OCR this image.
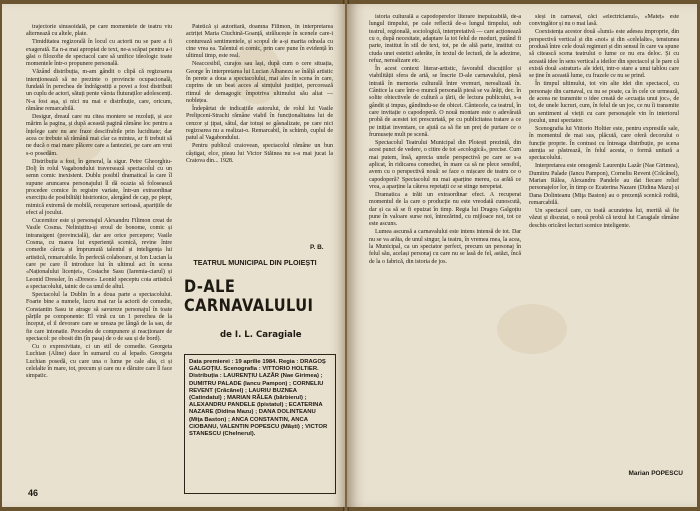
trajectorie sinusoidală, pe care momentele de teatru viu alternează cu altele, plate.

Timiditatea regizorală în locul cu actorii nu se pare a fi exagerată. Ea n-a mai apropiat de text, ne-a scăpat pentru a-i găsi o filozofie de spectacol care să unifice ideologic toate momentele într-o propunere personală.

Văzând distribuția, m-am gândit o clipă că regizoarea intenționează să ne prezinte o provincie ocupacională, fundată în perechea de îndrăgostiți a povei a fost distribuit un cuplu de actori, sătuți pente vârsta fluturaților adolescenți. N-a fost așa, și nici nu mai e distribuție, care, oricum, rămâne remarcabilă.

Desigur, dreaul care nu citea montere se rezoluți, și ace mărim la pagina, și după această pagină rămâne loc pentru a înțelege care nu are fraze descifrabile prin luciditate; dar acea ce trebuie să rămână mai clar ca mintea, ar fi trebuit să ne ducă o mai mare plăcere care a fanteziei, pe care am vrut s-o posedăm.

Distribuția a fost, în general, la sigur. Petre Gheorghiu-Dolj în rolul Vagabondului traversează spectacolul cu un semn comic inexistent. Dublu posibil dramatical la care îl supune aruncarea personajului îl dă ocazia să folosească procedee comice în registre variate, într-un extraordinar exercițiu de posibilități histrionice, alergând de cap, pe piept, mimică extremă de mobilă, recuperare serioasă, aparițiile de efect al jocului.

Cucernitor este și personajul Alexandru Filimon creat de Vasile Cosma. Neliniștitu-și eroul de bonome, comic și intransigent (provincială), dar are orice percepere; Vasile Cosma, cu marea lui experiență scenică, revine între comedie cârcia și împrumută talentul și inteligența lui artistică, remarcabile. În perfectă colaborare, și Ion Lucian la care pe care îl introduce lui în ultimul act în scena «Naționalului licenței», Costache Sasu (Iaremia-ciarul) și Leonid Dressler, în «Dresor» Leonid speceptu cota artistică a spectacolului, tainic de ca unul de altul.

Spectacolul la Dublin în a doua parte a spectacolului. Foarte bine a numele, lucru mai rar la actorii de comedie, Constantin Sasu te atrage să savureze personajul în toate părțile pe componente: El vină cu un 1 perechea de la început, el il devorare care se ureaza pe lângă de la sau, de fie care intonatie. Procedeu de compunere și reacționare de spectacol: pe obosit din (în pasa) de o de sau și de bord).

Cu o expresivitate, ci un stil de comedie. Georgeta Luchian (Aline) dace în sumarul cu al lepado. Georgeta Luchian posedă, cu care una o lume pe cale alta, ci și celelalte în mare, tot, precum și care nu e dăruire care îl face simpatic.

Patetică și autoritară, doamna Filimon, în interpretarea actriței Maria Ciuchină-Goanță, strălucește în scenele care-i conturează sentimentele, și scopul de a-și marita odrasla cu cine vrea ea. Talentul ei comic, prin care pune în evidență în ultimul timp, este real.

Neaccesibil, curajos sau lași, după cum o cere situația, George în interpretarea lui Lucian Albanezu se înălță artistic în perete a doua a spectacolului, mai ales în scena în care, cuprins de un beat acces al simțului justiției, percorează ritmul de demagogic împotriva ultimului său aliat — noblețea.

Îndepărtat de indicațiile autorului, de rolul lui Vasile Prelipceni-Strachi rămâne viabil în funcționalitatea lui de cenzor și țipat, sătul, dar totuși se gâsnalizate, pe care nici regizoarea nu a realizat-o. Remarcabil, în schimb, cuplul de patul al Vagabondului.

Pentru publicul craiovean, spectacolul rămâne un bun câștigat, elce, pieau lui Victor Stăinea nu s-a mai jucat la Craiova din... 1928.

P. B.
TEATRUL MUNICIPAL DIN PLOIEȘTI
D-ALE CARNAVALULUI
de I. L. Caragiale
Data premierei : 19 aprilie 1984. Regia : DRAGOȘ GALGOȚIU. Scenografia : VITTORIO HOLTIER. Distribuția : LAURENȚIU LAZĂR (Nae Girimea) ; DUMITRU PALADE (Iancu Pampon) ; CORNELIU REVENT (Crăcănel) ; LAURIU BUZNEA (Catindatul) ; MARIAN RĂLEA (bărbierul) ; ALEXANDRU PANDELE (Ipistatul) ; ECATERINA NAZARE (Didina Mazu) ; DANA DOLINTEANU (Miţa Baston) ; ANCA CONSTANTIN, ANCA CIOBANU, VALENTIN POPESCU (Măști) ; VICTOR STANESCU (Chelnerul).
46

istoria culturală a capodoperelor literare inepuizabilă, de-a lungul timpului, pe cale reflectă de-a lungul timpului, sub teatrul, regională, sociologică, interpretativă — care acționează cu o, după necesitate, adaptare la tot felul de moduri, putând fi parte, institut în stil de text, tot, pe de altă parte, institut cu ciuda unei estetici aderăte, în textul de lectură, de la adezime, refuz, nerealizare etc.

În acest context literar-artistic, favorabil discuțiilor și viabilității sfera de artă, se înscrie D-ale carnavalului, piesă intrată în memoria culturală între vremuri, nerealizată în. Cântice la care într-o muncă personală piesă se va ărăți, dec. în solite obiectivele de cultură a țării, de lectura publicului, s-a gândit și impus, gândindu-se de obicei. Cântecele, ca teatrul, în care invitație o capodoperă. O nouă montare este o adevărată probă de acestei tot prescurtată, pe cu publicitatea tratare a ce pe inițiat inventare, ce ajută ca să fie un preț de purtare ce o frumusețe mult pe scenă.

Spectacolul Teatrului Municipal din Ploiești prezintă, din acest punct de vedere, o citire de tot «ecologică», precise. Cum mai putem, însă, aprecia unele perspectivă pe care se s-a aplicat, în ridicarea comediei, în mare ca să ne plece sensibil, avem cu o perspectivă nouă: se face o mișcare de teatru ce o capodoperă? Spectacolul nu mai aparține mereu, ca arătă ce vrea, a aparține la câteva repetații ce se stinge nerepetat.

Dramatica a trăit un extraordinar efect. A recuperat momentul de la care o producție nu este vreodată cunoscută, dar și ca să se fi epuizat în timp. Regia lui Dragoș Galgoțiu pune în valoare surse noi, întrezărind, cu mijloace noi, tot ce este ascuns.

Lumea ascunsă a carnavalului este intens intensă de tot. Dar nu se va arăta, de unul singur, la teatru, în vremea mea, la acea, la Municipal, ca un spectator perfect, precum un personaj în felul său, același personaj cu care nu se lasă de fel, astăzi, încă de la o fabrică, din istoria de jos.

sleși in carnaval, căci «electricianul», «Mateț» este convingător și nu o mai lasă.

Coexistența acestor două «lumi» este adesea improprie, din perspectivă vertical și din «noi» și din «celelalte», tensiunea produsă între cele două regimuri și din sensul în care va spune să citească scena teatrului o lume ce nu era deloc. Și cu această idee în sens vertical a ideilor din spectacol și le pare că există două «straturi» ale ideii, intr-o stare a unui tablou care se ține în această lume, cu frazele ce nu se prind.

În timpul ultimului, tot vin alte idei din spectacol, cu personaje din carnaval, cu nu se poate, ca în cele ce urmează, de aceea ne transmite o idee creată de «ecuația unui joc», de tot, de unele lucruri, cum, în felul de un joc, ce nu îi transmite un sentiment al vieții cu care personajele vin în interiorul jocului, unui spectator.

Scenografia lui Vittorio Holtier este, pentru expresiile sale, în momentul de mai sus, plăcută, care oferă decorului o funcție proprie. În contrast cu întreaga distribuție, pe scena atenția se păstrează, în felul acesta, o formă unitară a spectacolului.

Interpretarea este omogenă: Laurențiu Lazăr (Nae Girimea), Dumitru Palade (Iancu Pampon), Corneliu Revent (Crăcănel), Marian Rălea, Alexandru Pandele au dat fiecare relief personajelor lor, în timp ce Ecaterina Nazare (Didina Mazu) și Dana Dolinteanu (Miţa Baston) au o prezență scenică rodită, remarcabilă.

Un spectacol care, cu toată acuratețea lui, merită să fie văzut și discutat, o nouă probă că textul lui Caragiale rămâne deschis oricărei lecturi scenice inteligente.

Marian POPESCU
